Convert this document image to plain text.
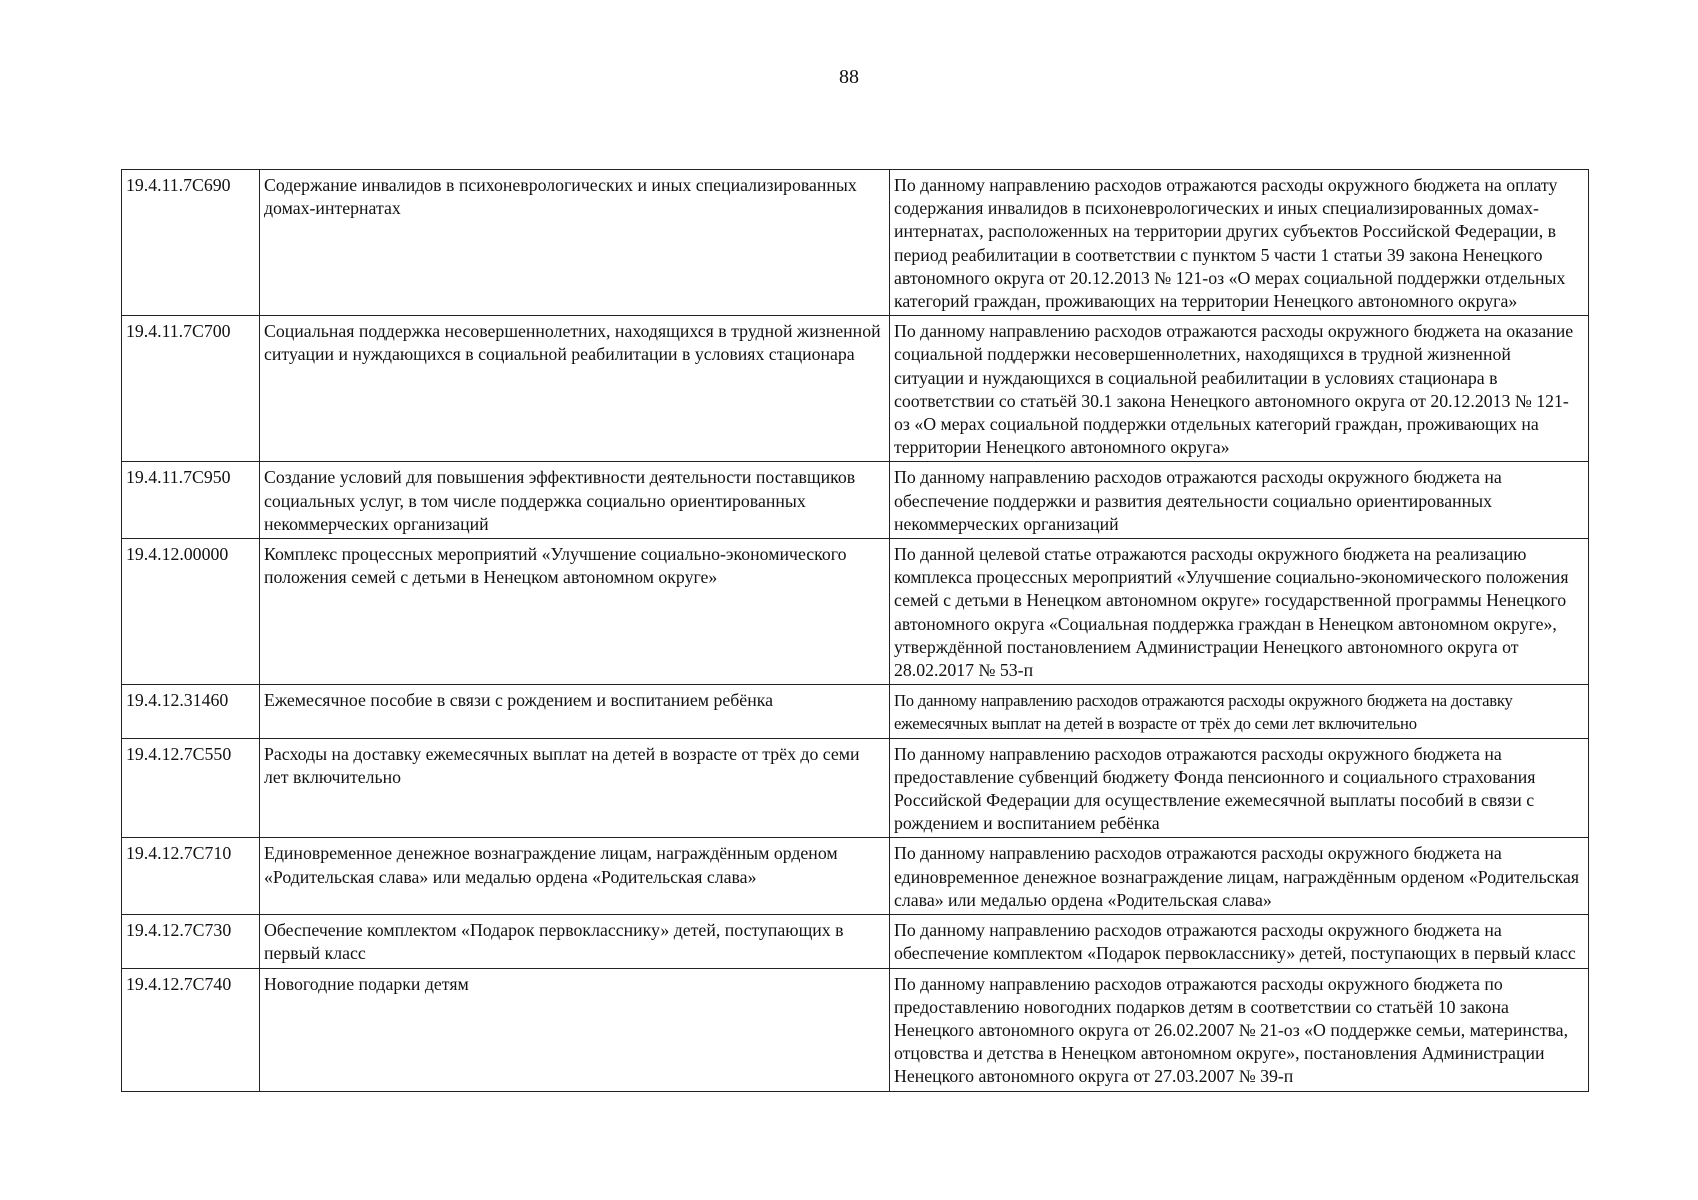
88
19.4.11.7С690	Содержание инвалидов в психоневрологических и иных специализированных домах-интернатах	По данному направлению расходов отражаются расходы окружного бюджета на оплату содержания инвалидов в психоневрологических и иных специализированных домах-интернатах, расположенных на территории других субъектов Российской Федерации, в период реабилитации в соответствии с пунктом 5 части 1 статьи 39 закона Ненецкого автономного округа от 20.12.2013 № 121-оз «О мерах социальной поддержки отдельных категорий граждан, проживающих на территории Ненецкого автономного округа»
19.4.11.7С700	Социальная поддержка несовершеннолетних, находящихся в трудной жизненной ситуации и нуждающихся в социальной реабилитации в условиях стационара	По данному направлению расходов отражаются расходы окружного бюджета на оказание социальной поддержки несовершеннолетних, находящихся в трудной жизненной ситуации и нуждающихся в социальной реабилитации в условиях стационара в соответствии со статьёй 30.1 закона Ненецкого автономного округа от 20.12.2013 № 121-оз «О мерах социальной поддержки отдельных категорий граждан, проживающих на территории Ненецкого автономного округа»
19.4.11.7С950	Создание условий для повышения эффективности деятельности поставщиков социальных услуг, в том числе поддержка социально ориентированных некоммерческих организаций	По данному направлению расходов отражаются расходы окружного бюджета на обеспечение поддержки и развития деятельности социально ориентированных некоммерческих организаций
19.4.12.00000	Комплекс процессных мероприятий «Улучшение социально-экономического положения семей с детьми в Ненецком автономном округе»	По данной целевой статье отражаются расходы окружного бюджета на реализацию комплекса процессных мероприятий «Улучшение социально-экономического положения семей с детьми в Ненецком автономном округе» государственной программы Ненецкого автономного округа «Социальная поддержка граждан в Ненецком автономном округе», утверждённой постановлением Администрации Ненецкого автономного округа от 28.02.2017 № 53-п
19.4.12.31460	Ежемесячное пособие в связи с рождением и воспитанием ребёнка	По данному направлению расходов отражаются расходы окружного бюджета на доставку ежемесячных выплат на детей в возрасте от трёх до семи лет включительно
19.4.12.7С550	Расходы на доставку ежемесячных выплат на детей в возрасте от трёх до семи лет включительно	По данному направлению расходов отражаются расходы окружного бюджета на предоставление субвенций бюджету Фонда пенсионного и социального страхования Российской Федерации для осуществление ежемесячной выплаты пособий в связи с рождением и воспитанием ребёнка
19.4.12.7С710	Единовременное денежное вознаграждение лицам, награждённым орденом «Родительская слава» или медалью ордена «Родительская слава»	По данному направлению расходов отражаются расходы окружного бюджета на единовременное денежное вознаграждение лицам, награждённым орденом «Родительская слава» или медалью ордена «Родительская слава»
19.4.12.7С730	Обеспечение комплектом «Подарок первокласснику» детей, поступающих в первый класс	По данному направлению расходов отражаются расходы окружного бюджета на обеспечение комплектом «Подарок первокласснику» детей, поступающих в первый класс
19.4.12.7С740	Новогодние подарки детям	По данному направлению расходов отражаются расходы окружного бюджета по предоставлению новогодних подарков детям в соответствии со статьёй 10 закона Ненецкого автономного округа от 26.02.2007 № 21-оз «О поддержке семьи, материнства, отцовства и детства в Ненецком автономном округе», постановления Администрации Ненецкого автономного округа от 27.03.2007 № 39-п
